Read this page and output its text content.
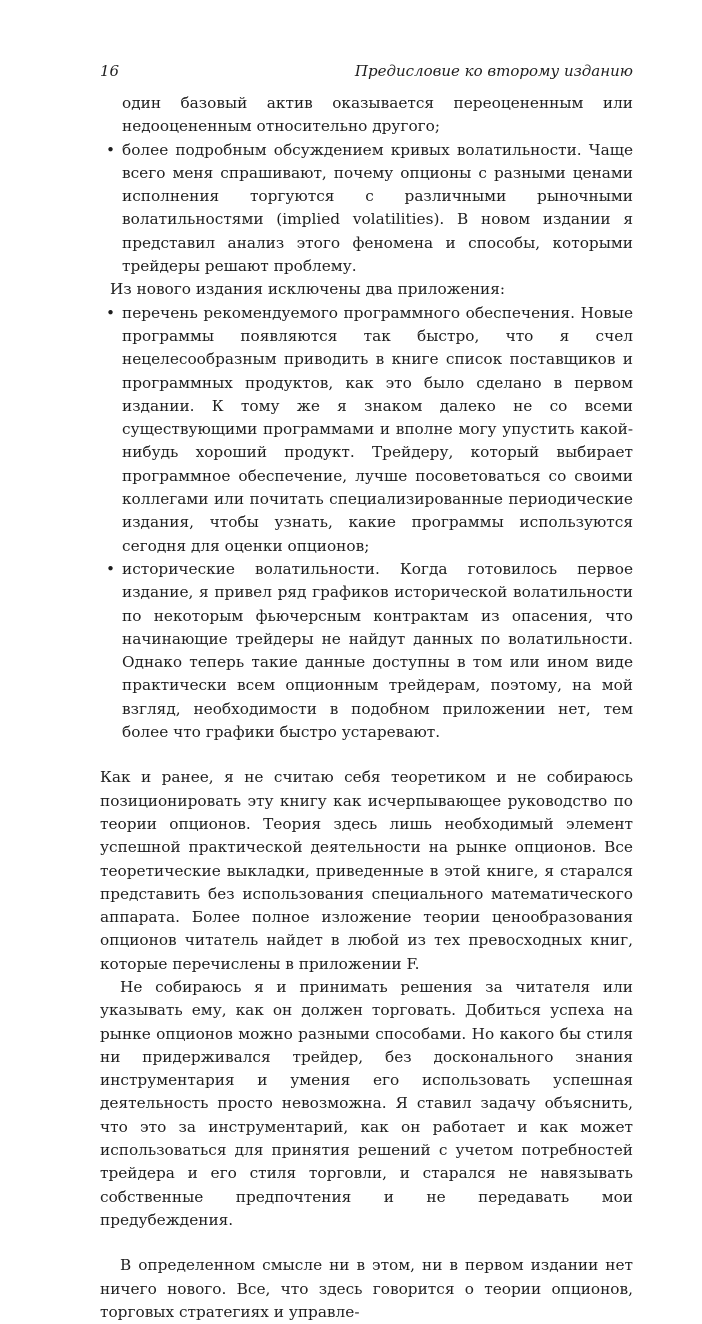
16	Предисловие ко второму изданию
один базовый актив оказывается переоцененным или недооцененным относительно другого;
• более подробным обсуждением кривых волатильности. Чаще всего меня спрашивают, почему опционы с разными ценами исполнения торгуются с различными рыночными волатильностями (implied volatilities). В новом издании я представил анализ этого феномена и способы, которыми трейдеры решают проблему.

Из нового издания исключены два приложения:

• перечень рекомендуемого программного обеспечения. Новые программы появляются так быстро, что я счел нецелесообразным приводить в книге список поставщиков и программных продуктов, как это было сделано в первом издании. К тому же я знаком далеко не со всеми существующими программами и вполне могу упустить какой-нибудь хороший продукт. Трейдеру, который выбирает программное обеспечение, лучше посоветоваться со своими коллегами или почитать специализированные периодические издания, чтобы узнать, какие программы используются сегодня для оценки опционов;
• исторические волатильности. Когда готовилось первое издание, я привел ряд графиков исторической волатильности по некоторым фьючерсным контрактам из опасения, что начинающие трейдеры не найдут данных по волатильности. Однако теперь такие данные доступны в том или ином виде практически всем опционным трейдерам, поэтому, на мой взгляд, необходимости в подобном приложении нет, тем более что графики быстро устаревают.

Как и ранее, я не считаю себя теоретиком и не собираюсь позиционировать эту книгу как исчерпывающее руководство по теории опционов. Теория здесь лишь необходимый элемент успешной практической деятельности на рынке опционов. Все теоретические выкладки, приведенные в этой книге, я старался представить без использования специального математического аппарата. Более полное изложение теории ценообразования опционов читатель найдет в любой из тех превосходных книг, которые перечислены в приложении F.

Не собираюсь я и принимать решения за читателя или указывать ему, как он должен торговать. Добиться успеха на рынке опционов можно разными способами. Но какого бы стиля ни придерживался трейдер, без досконального знания инструментария и умения его использовать успешная деятельность просто невозможна. Я ставил задачу объяснить, что это за инструментарий, как он работает и как может использоваться для принятия решений с учетом потребностей трейдера и его стиля торговли, и старался не навязывать собственные предпочтения и не передавать мои предубеждения.

В определенном смысле ни в этом, ни в первом издании нет ничего нового. Все, что здесь говорится о теории опционов, торговых стратегиях и управле-
